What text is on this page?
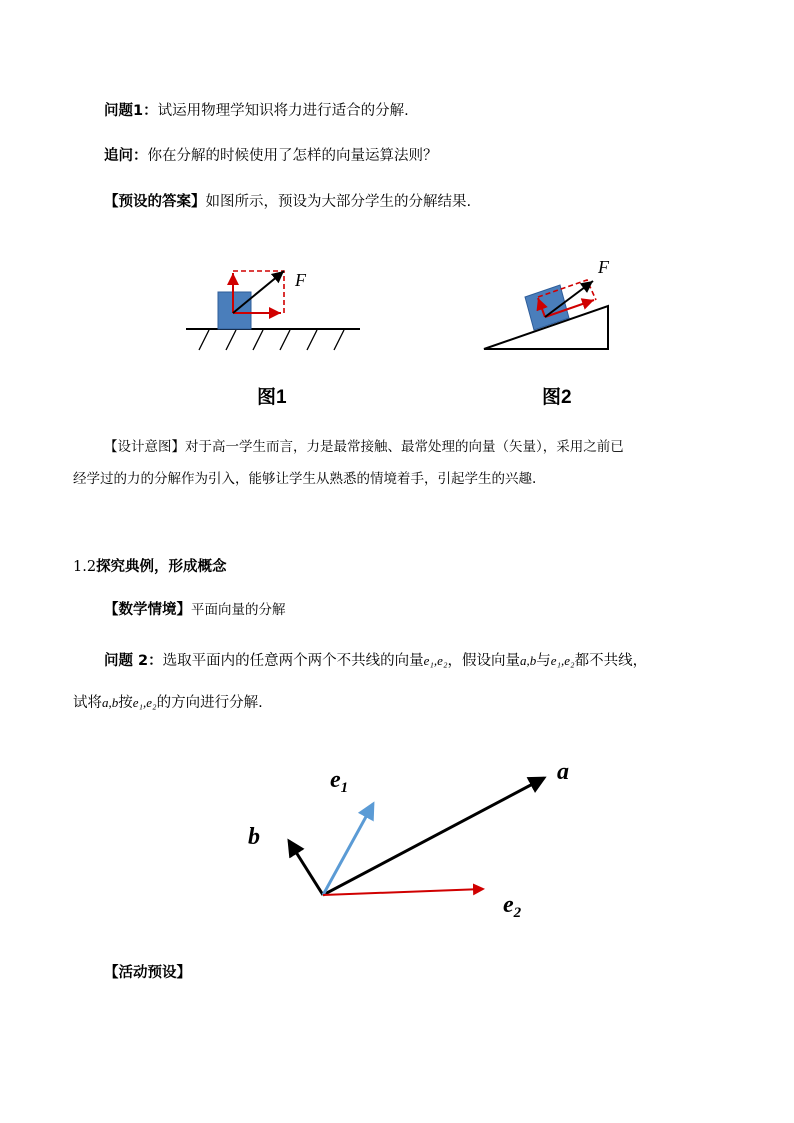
问题1：试运用物理学知识将力进行适合的分解.
追问：你在分解的时候使用了怎样的向量运算法则？
【预设的答案】如图所示，预设为大部分学生的分解结果.
F
F
a
b
$e_1$
$e_2$
图1	图2
【设计意图】对于高一学生而言，力是最常接触、最常处理的向量（矢量），采用之前已
经学过的力的分解作为引入，能够让学生从熟悉的情境着手，引起学生的兴趣.
1.2探究典例，形成概念
【数学情境】平面向量的分解
问题 2：选取平面内的任意两个两个不共线的向量e₁,e₂，假设向量a,b与e₁,e₂都不共线，
试将a,b按e₁,e₂的方向进行分解.
【活动预设】
